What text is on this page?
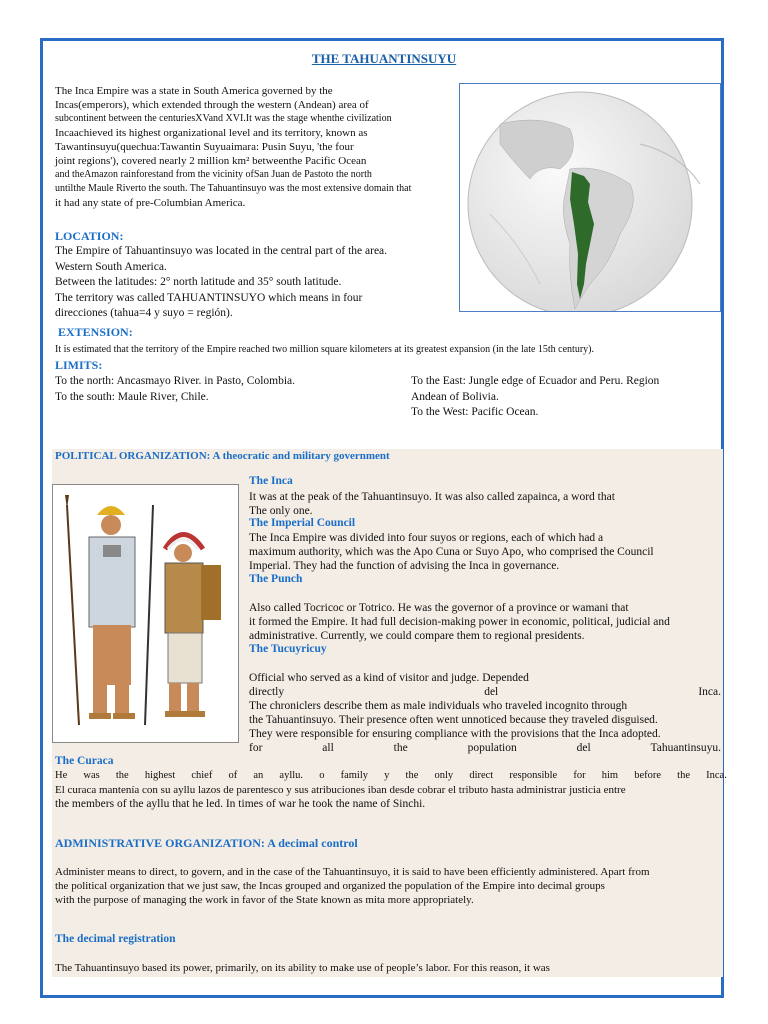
THE TAHUANTINSUYU
The Inca Empire was a state in South America governed by the
Incas(emperors), which extended through the western (Andean) area of
subcontinent between the centuriesXVand XVI.It was the stage whenthe civilization
Incaachieved its highest organizational level and its territory, known as
Tawantinsuyu(quechua:Tawantin Suyuaimara: Pusin Suyu, 'the four
joint regions'), covered nearly 2 million km² betweenthe Pacific Ocean
and theAmazon rainforestand from the vicinity ofSan Juan de Pastoto the north
untilthe Maule Riverto the south. The Tahuantinsuyo was the most extensive domain that
it had any state of pre-Columbian America.
LOCATION:
The Empire of Tahuantinsuyo was located in the central part of the area.
Western South America.
Between the latitudes: 2° north latitude and 35° south latitude.
The territory was called TAHUANTINSUYO which means in four
direcciones (tahua=4 y suyo = región).
EXTENSION:
It is estimated that the territory of the Empire reached two million square kilometers at its greatest expansion (in the late 15th century).
LIMITS:
To the north: Ancasmayo River. in Pasto, Colombia.
To the south: Maule River, Chile.
To the East: Jungle edge of Ecuador and Peru. Region
Andean of Bolivia.
To the West: Pacific Ocean.
POLITICAL ORGANIZATION: A theocratic and military government
The Inca
It was at the peak of the Tahuantinsuyo. It was also called zapainca, a word that
The only one.
The Imperial Council
The Inca Empire was divided into four suyos or regions, each of which had a
maximum authority, which was the Apo Cuna or Suyo Apo, who comprised the Council
Imperial. They had the function of advising the Inca in governance.
The Punch
Also called Tocricoc or Totrico. He was the governor of a province or wamani that
it formed the Empire. It had full decision-making power in economic, political, judicial and
administrative. Currently, we could compare them to regional presidents.
The Tucuyricuy
Official who served as a kind of visitor and judge. Depended
directly	del	Inca.
The chroniclers describe them as male individuals who traveled incognito through
the Tahuantinsuyo. Their presence often went unnoticed because they traveled disguised.
They were responsible for ensuring compliance with the provisions that the Inca adopted.
for	all	the	population	del	Tahuantinsuyu.
The Curaca
He was the highest chief of an ayllu. o family y the only direct responsible for him before the Inca.
El curaca mantenía con su ayllu lazos de parentesco y sus atribuciones iban desde cobrar el tributo hasta administrar justicia entre
the members of the ayllu that he led. In times of war he took the name of Sinchi.
ADMINISTRATIVE ORGANIZATION: A decimal control
Administer means to direct, to govern, and in the case of the Tahuantinsuyo, it is said to have been efficiently administered. Apart from
the political organization that we just saw, the Incas grouped and organized the population of the Empire into decimal groups
with the purpose of managing the work in favor of the State known as mita more appropriately.
The decimal registration
The Tahuantinsuyo based its power, primarily, on its ability to make use of people’s labor. For this reason, it was
